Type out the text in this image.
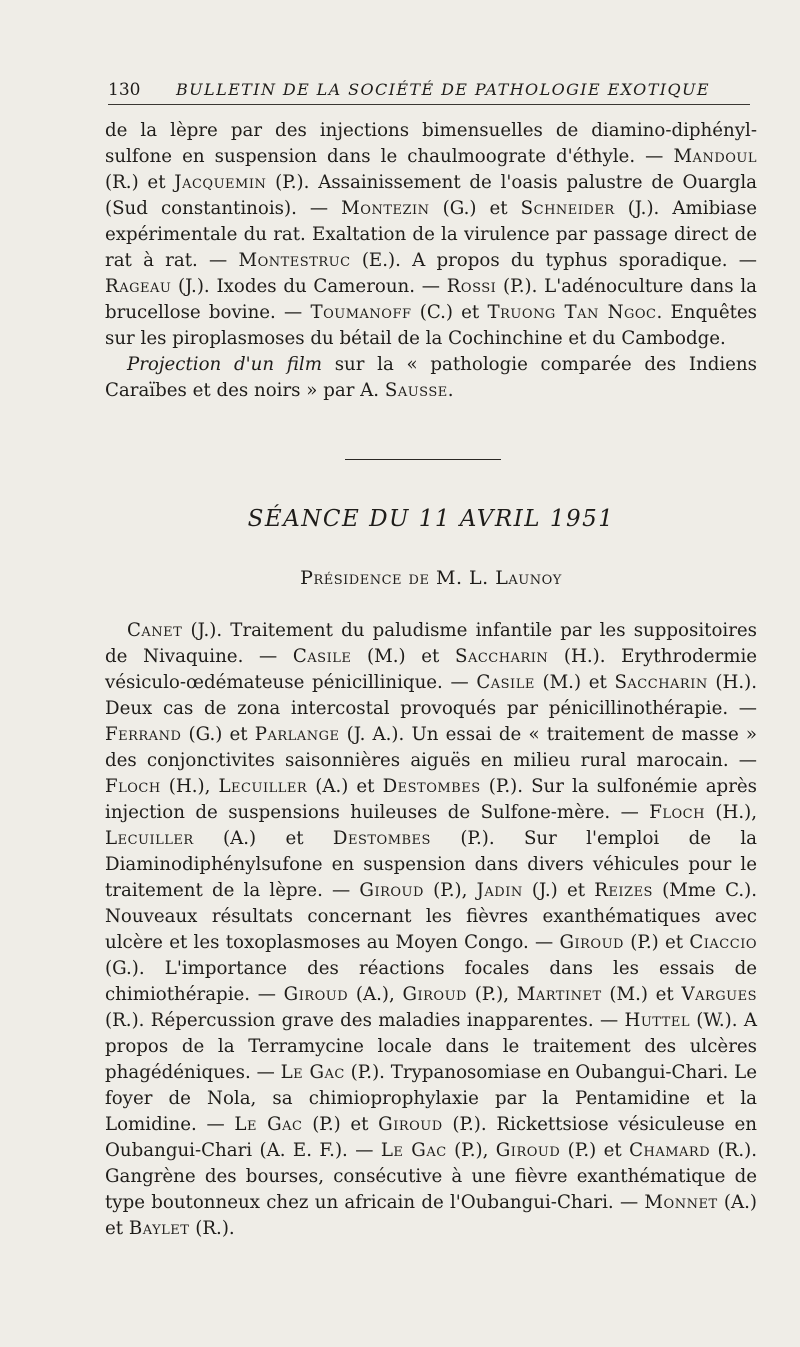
130 BULLETIN DE LA SOCIÉTÉ DE PATHOLOGIE EXOTIQUE

de la lèpre par des injections bimensuelles de diamino-diphényl-sulfone en suspension dans le chaulmoograte d'éthyle. — Mandoul (R.) et Jacquemin (P.). Assainissement de l'oasis palustre de Ouargla (Sud constantinois). — Montezin (G.) et Schneider (J.). Amibiase expérimentale du rat. Exaltation de la virulence par passage direct de rat à rat. — Montestruc (E.). A propos du typhus sporadique. — Rageau (J.). Ixodes du Cameroun. — Rossi (P.). L'adénoculture dans la brucellose bovine. — Toumanoff (C.) et Truong Tan Ngoc. Enquêtes sur les piroplasmoses du bétail de la Cochinchine et du Cambodge.

Projection d'un film sur la « pathologie comparée des Indiens Caraïbes et des noirs » par A. Sausse.

SÉANCE DU 11 AVRIL 1951
Présidence de M. L. Launoy

Canet (J.). Traitement du paludisme infantile par les suppositoires de Nivaquine. — Casile (M.) et Saccharin (H.). Erythrodermie vésiculo-œdémateuse pénicillinique. — Casile (M.) et Saccharin (H.). Deux cas de zona intercostal provoqués par pénicillinothérapie. — Ferrand (G.) et Parlange (J. A.). Un essai de « traitement de masse » des conjonctivites saisonnières aiguës en milieu rural marocain. — Floch (H.), Lecuiller (A.) et Destombes (P.). Sur la sulfonémie après injection de suspensions huileuses de Sulfone-mère. — Floch (H.), Lecuiller (A.) et Destombes (P.). Sur l'emploi de la Diaminodiphénylsufone en suspension dans divers véhicules pour le traitement de la lèpre. — Giroud (P.), Jadin (J.) et Reizes (Mme C.). Nouveaux résultats concernant les fièvres exanthématiques avec ulcère et les toxoplasmoses au Moyen Congo. — Giroud (P.) et Ciaccio (G.). L'importance des réactions focales dans les essais de chimiothérapie. — Giroud (A.), Giroud (P.), Martinet (M.) et Vargues (R.). Répercussion grave des maladies inapparentes. — Huttel (W.). A propos de la Terramycine locale dans le traitement des ulcères phagédéniques. — Le Gac (P.). Trypanosomiase en Oubangui-Chari. Le foyer de Nola, sa chimioprophylaxie par la Pentamidine et la Lomidine. — Le Gac (P.) et Giroud (P.). Rickettsiose vésiculeuse en Oubangui-Chari (A. E. F.). — Le Gac (P.), Giroud (P.) et Chamard (R.). Gangrène des bourses, consécutive à une fièvre exanthématique de type boutonneux chez un africain de l'Oubangui-Chari. — Monnet (A.) et Baylet (R.).
